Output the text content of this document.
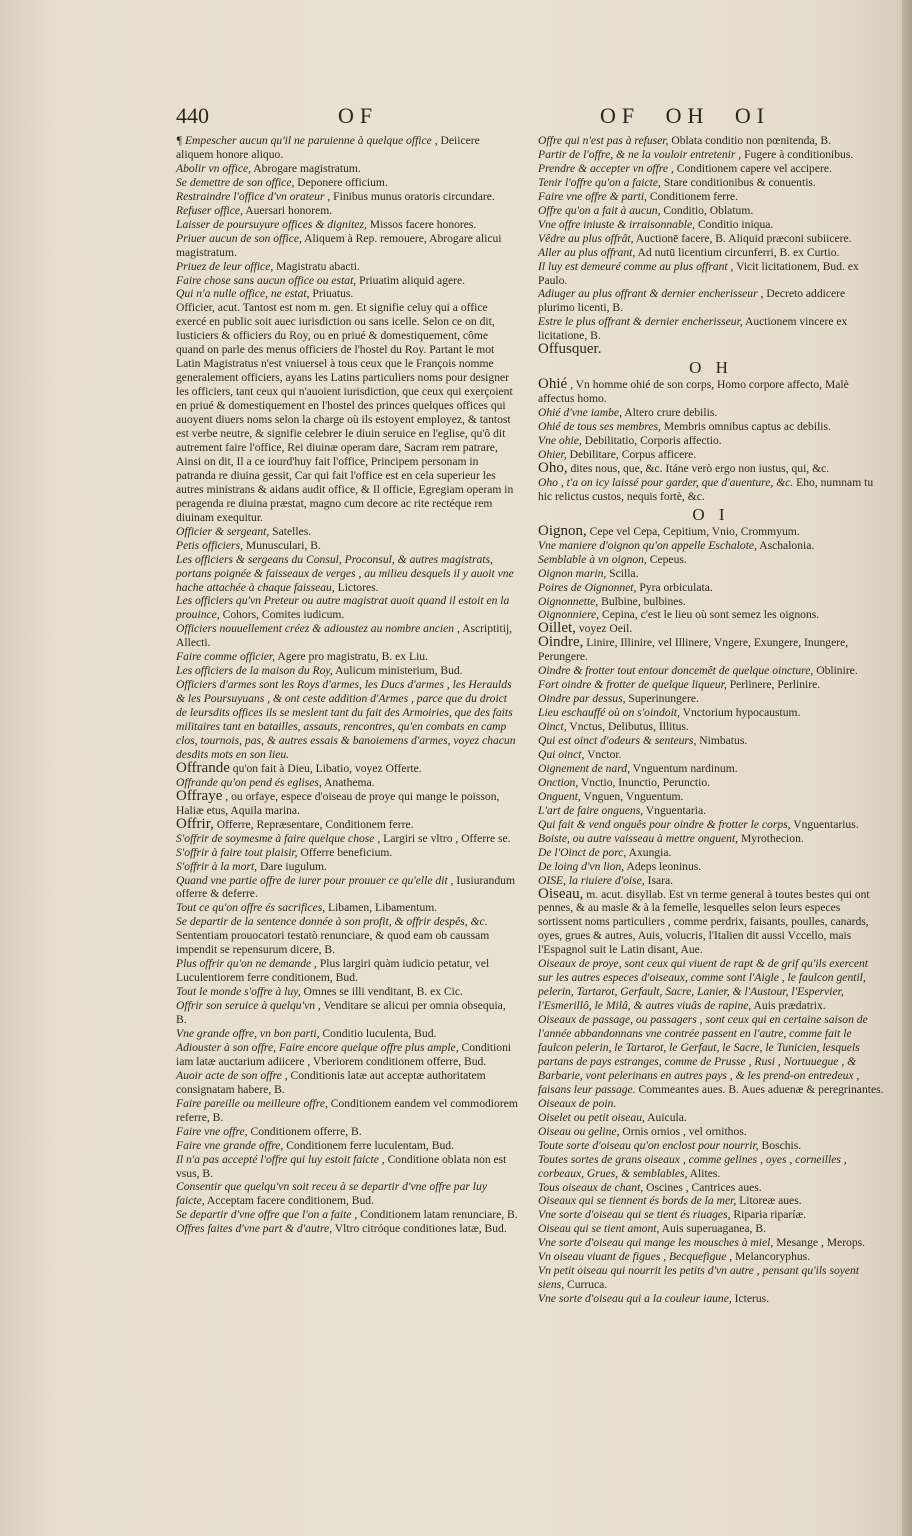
440	OF	OF OH OI

¶ Empescher aucun qu'il ne paruienne à quelque office , Deiicere aliquem honore aliquo.

Abolir vn office, Abrogare magistratum.

Se demettre de son office, Deponere officium.

Restraindre l'office d'vn orateur , Finibus munus oratoris circundare.

Refuser office, Auersari honorem.

Laisser de poursuyure offices & dignitez, Missos facere honores.

Priuer aucun de son office, Aliquem à Rep. remouere, Abrogare alicui magistratum.

Priuez de leur office, Magistratu abacti.

Faire chose sans aucun office ou estat, Priuatim aliquid agere.

Qui n'a nulle office, ne estat, Priuatus.

Officier, acut. Tantost est nom m. gen. Et signifie celuy qui a office exercé en public soit auec iurisdiction ou sans icelle. Selon ce on dit, Iusticiers & officiers du Roy, ou en priué & domestiquement, côme quand on parle des menus officiers de l'hostel du Roy. Partant le mot Latin Magistratus n'est vniuersel à tous ceux que le François nomme generalement officiers, ayans les Latins particuliers noms pour designer les officiers, tant ceux qui n'auoient iurisdiction, que ceux qui exerçoient en priué & domestiquement en l'hostel des princes quelques offices qui auoyent diuers noms selon la charge où ils estoyent employez, & tantost est verbe neutre, & signifie celebrer le diuin seruice en l'eglise, qu'ô dit autrement faire l'office, Rei diuinæ operam dare, Sacram rem patrare, Ainsi on dit, Il a ce iourd'huy fait l'office, Principem personam in patranda re diuina gessit, Car qui fait l'office est en cela superieur les autres ministrans & aidans audit office, & Il officie, Egregiam operam in peragenda re diuina præstat, magno cum decore ac rite rectéque rem diuinam exequitur.

Officier & sergeant, Satelles.

Petis officiers, Munusculari, B.

Les officiers & sergeans du Consul, Proconsul, & autres magistrats, portans poignée & faisseaux de verges , au milieu desquels il y auoit vne hache attachée à chaque faisseau, Lictores.

Les officiers qu'vn Preteur ou autre magistrat auoit quand il estoit en la prouince, Cohors, Comites iudicum.

Officiers nouuellement créez & adioustez au nombre ancien , Ascriptitij, Allecti.

Faire comme officier, Agere pro magistratu, B. ex Liu.

Les officiers de la maison du Roy, Aulicum ministerium, Bud.

Officiers d'armes sont les Roys d'armes, les Ducs d'armes , les Heraulds & les Poursuyuans , & ont ceste addition d'Armes , parce que du droict de leursdits offices ils se meslent tant du fait des Armoiries, que des faits militaires tant en batailles, assauts, rencontres, qu'en combats en camp clos, tournois, pas, & autres essais & banoiemens d'armes, voyez chacun desdits mots en son lieu.

Offrande qu'on fait à Dieu, Libatio, voyez Offerte.

Offrande qu'on pend és eglises, Anathema.

Offraye , ou orfaye, espece d'oiseau de proye qui mange le poisson, Haliæ etus, Aquila marina.

Offrir, Offerre, Repræsentare, Conditionem ferre.

S'offrir de soymesme à faire quelque chose , Largiri se vltro , Offerre se.

S'offrir à faire tout plaisir, Offerre beneficium.

S'offrir à la mort, Dare iugulum.

Quand vne partie offre de iurer pour prouuer ce qu'elle dit , Iusiurandum offerre & deferre.

Tout ce qu'on offre és sacrifices, Libamen, Libamentum.

Se departir de la sentence donnée à son profit, & offrir despês, &c. Sententiam prouocatori testatò renunciare, & quod eam ob caussam impendit se repensurum dicere, B.

Plus offrir qu'on ne demande , Plus largiri quàm iudicio petatur, vel Luculentiorem ferre conditionem, Bud.

Tout le monde s'offre à luy, Omnes se illi venditant, B. ex Cic.

Offrir son seruice à quelqu'vn , Venditare se alicui per omnia obsequia, B.

Vne grande offre, vn bon parti, Conditio luculenta, Bud.

Adiouster à son offre, Faire encore quelque offre plus ample, Conditioni iam latæ auctarium adiicere , Vberiorem conditionem offerre, Bud.

Auoir acte de son offre , Conditionis latæ aut acceptæ authoritatem consignatam habere, B.

Faire pareille ou meilleure offre, Conditionem eandem vel commodiorem referre, B.

Faire vne offre, Conditionem offerre, B.

Faire vne grande offre, Conditionem ferre luculentam, Bud.

Il n'a pas accepté l'offre qui luy estoit faicte , Conditione oblata non est vsus, B.

Consentir que quelqu'vn soit receu à se departir d'vne offre par luy faicte, Acceptam facere conditionem, Bud.

Se departir d'vne offre que l'on a faite , Conditionem latam renunciare, B.

Offres faites d'vne part & d'autre, Vltro citróque conditiones latæ, Bud.

Offre qui n'est pas à refuser, Oblata conditio non pœnitenda, B.

Partir de l'offre, & ne la vouloir entretenir , Fugere à conditionibus.

Prendre & accepter vn offre , Conditionem capere vel accipere.

Tenir l'offre qu'on a faicte, Stare conditionibus & conuentis.

Faire vne offre & parti, Conditionem ferre.

Offre qu'on a fait à aucun, Conditio, Oblatum.

Vne offre iniuste & irraisonnable, Conditio iniqua.

Vêdre au plus offrât, Auctionē facere, B. Aliquid præconi subiicere.

Aller au plus offrant, Ad nutū licentium circunferri, B. ex Curtio.

Il luy est demeuré comme au plus offrant , Vicit licitationem, Bud. ex Paulo.

Adiuger au plus offrant & dernier encherisseur , Decreto addicere plurimo licenti, B.

Estre le plus offrant & dernier encherisseur, Auctionem vincere ex licitatione, B.

Offusquer.

O H

Ohié , Vn homme ohié de son corps, Homo corpore affecto, Malè affectus homo.

Ohié d'vne iambe, Altero crure debilis.

Ohié de tous ses membres, Membris omnibus captus ac debilis.

Vne ohie, Debilitatio, Corporis affectio.

Ohier, Debilitare, Corpus afficere.

Oho, dites nous, que, &c. Itáne verò ergo non iustus, qui, &c.

Oho , t'a on icy laissé pour garder, que d'auenture, &c. Eho, numnam tu hic relictus custos, nequis fortè, &c.

O I

Oignon, Cepe vel Cepa, Cepitium, Vnio, Crommyum.

Vne maniere d'oignon qu'on appelle Eschalote, Aschalonia.

Semblable à vn oignon, Cepeus.

Oignon marin, Scilla.

Poires de Oignonnet, Pyra orbiculata.

Oignonnette, Bulbine, bulbines.

Oignonniere, Cepina, c'est le lieu où sont semez les oignons.

Oillet, voyez Oeil.

Oindre, Linire, Illinire, vel Illinere, Vngere, Exungere, Inungere, Perungere.

Oindre & frotter tout entour doncemêt de quelque oincture, Oblinire.

Fort oindre & frotter de quelque liqueur, Perlinere, Perlinire.

Oindre par dessus, Superinungere.

Lieu eschauffé où on s'oindoit, Vnctorium hypocaustum.

Oinct, Vnctus, Delibutus, Illitus.

Qui est oinct d'odeurs & senteurs, Nimbatus.

Qui oinct, Vnctor.

Oignement de nard, Vnguentum nardinum.

Onction, Vnctio, Inunctio, Perunctio.

Onguent, Vnguen, Vnguentum.

L'art de faire onguens, Vnguentaria.

Qui fait & vend onguês pour oindre & frotter le corps, Vnguentarius.

Boiste, ou autre vaisseau à mettre onguent, Myrothecion.

De l'Oinct de porc, Axungia.

De loing d'vn lion, Adeps leoninus.

OISE, la riuiere d'oise, Isara.

Oiseau, m. acut. disyllab. Est vn terme general à toutes bestes qui ont pennes, & au masle & à la femelle, lesquelles selon leurs especes sortissent noms particuliers , comme perdrix, faisants, poulles, canards, oyes, grues & autres, Auis, volucris, l'Italien dit aussi Vccello, mais l'Espagnol suit le Latin disant, Aue.

Oiseaux de proye, sont ceux qui viuent de rapt & de grif qu'ils exercent sur les autres especes d'oiseaux, comme sont l'Aigle , le faulcon gentil, pelerin, Tartarot, Gerfault, Sacre, Lanier, & l'Austour, l'Espervier, l'Esmerillô, le Milâ, & autres viuâs de rapine, Auis prædatrix.

Oiseaux de passage, ou passagers , sont ceux qui en certaine saison de l'année abbandonnans vne contrée passent en l'autre, comme fait le faulcon pelerin, le Tartarot, le Gerfaut, le Sacre, le Tunicien, lesquels partans de pays estranges, comme de Prusse , Rusi , Nortuuegue , & Barbarie, vont pelerinans en autres pays , & les prend-on entredeux , faisans leur passage. Commeantes aues. B. Aues aduenæ & peregrinantes.

Oiseaux de poin.

Oiselet ou petit oiseau, Auicula.

Oiseau ou geline, Ornis ornios , vel ornithos.

Toute sorte d'oiseau qu'on enclost pour nourrir, Boschis.

Toutes sortes de grans oiseaux , comme gelines , oyes , corneilles , corbeaux, Grues, & semblables, Alites.

Tous oiseaux de chant, Oscines , Cantrices aues.

Oiseaux qui se tiennent és bords de la mer, Litoreæ aues.

Vne sorte d'oiseau qui se tient és riuages, Riparia riparíæ.

Oiseau qui se tient amont, Auis superuaganea, B.

Vne sorte d'oiseau qui mange les mousches à miel, Mesange , Merops.

Vn oiseau viuant de figues , Becquefigue , Melancoryphus.

Vn petit oiseau qui nourrit les petits d'vn autre , pensant qu'ils soyent siens, Curruca.

Vne sorte d'oiseau qui a la couleur iaune, Icterus.
